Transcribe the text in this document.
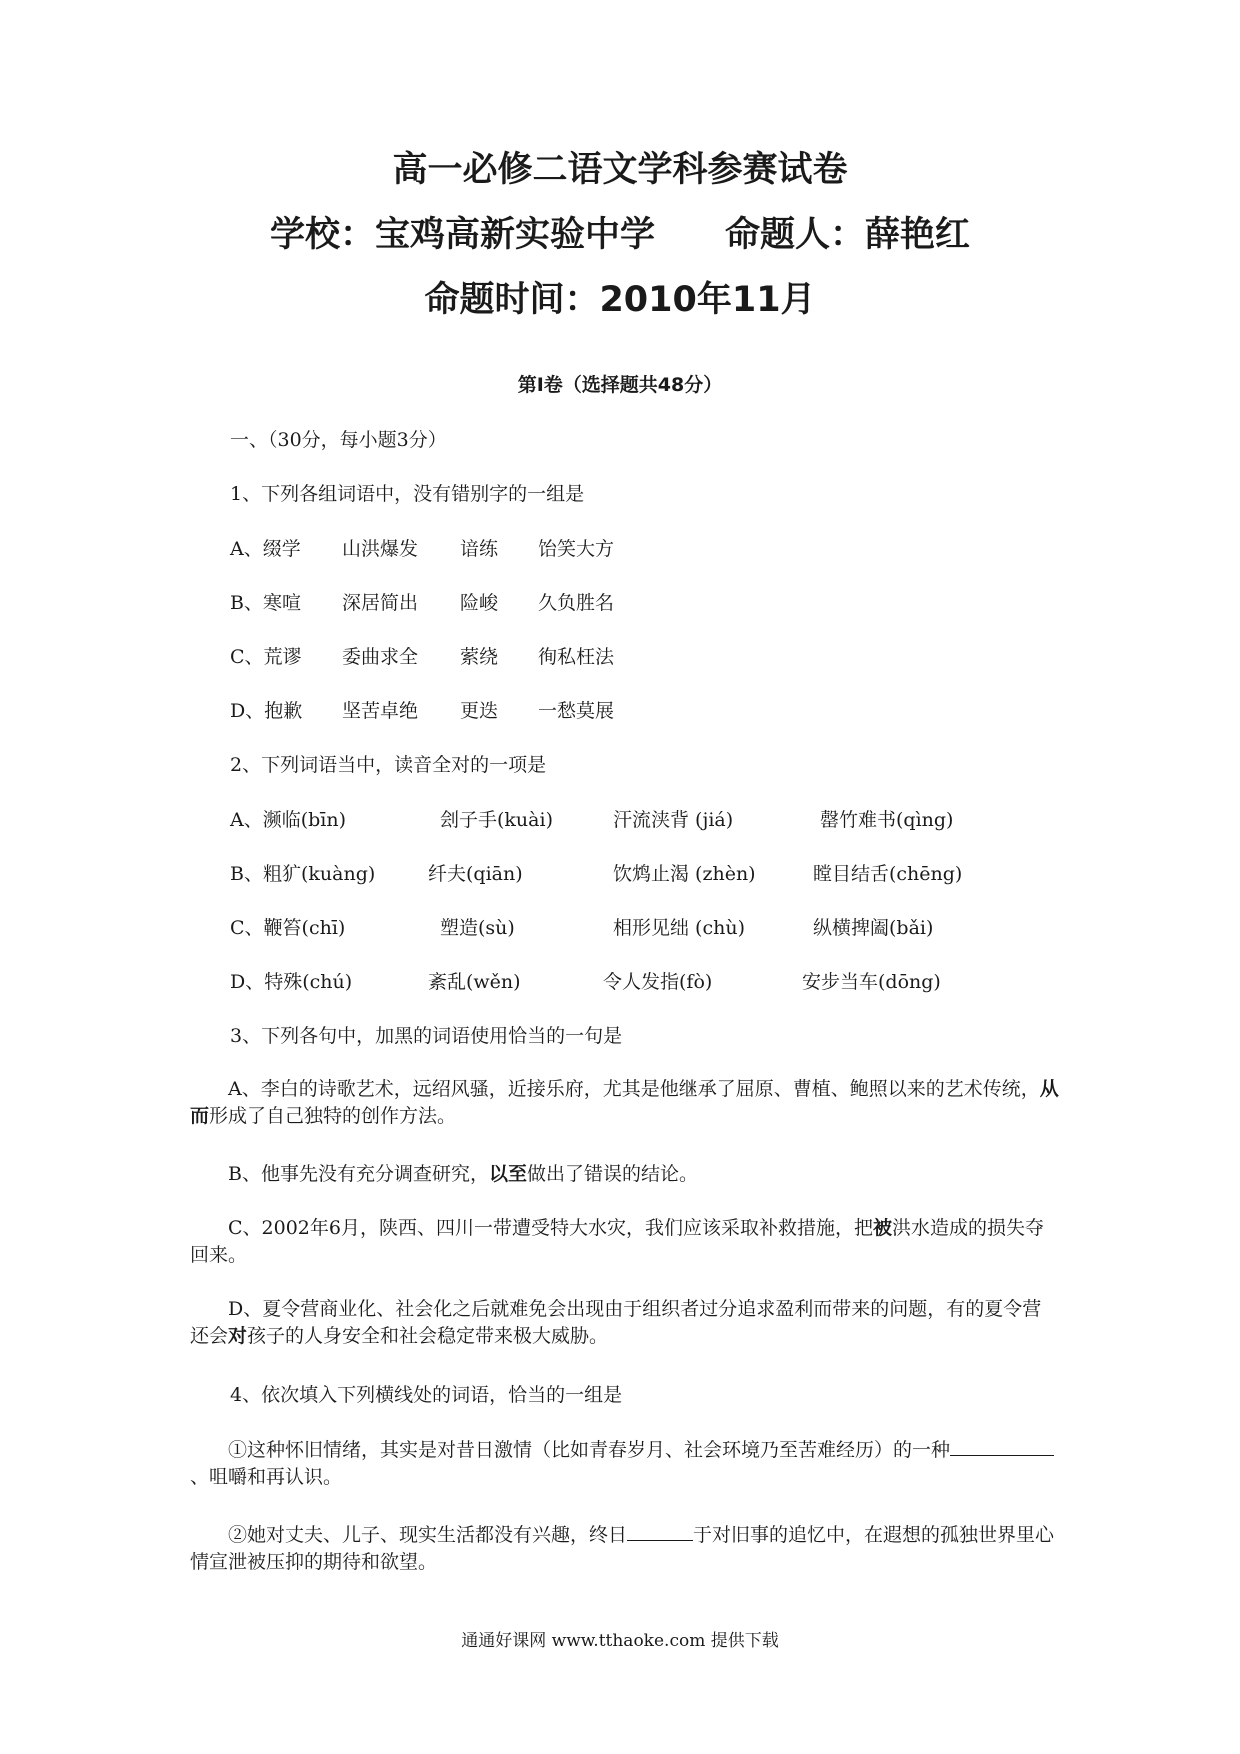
高一必修二语文学科参赛试卷
学校：宝鸡高新实验中学 命题人：薛艳红
命题时间：2010年11月
第I卷（选择题共48分）
一、（30分，每小题3分）
1、下列各组词语中，没有错别字的一组是
A、缀学 山洪爆发 谙练 饴笑大方
B、寒喧 深居简出 险峻 久负胜名
C、荒谬 委曲求全 萦绕 徇私枉法
D、抱歉 坚苦卓绝 更迭 一愁莫展
2、下列词语当中，读音全对的一项是
A、濒临(bīn)	刽子手(kuài)	汗流浃背 (jiá)	罄竹难书(qìng)
B、粗犷(kuàng)	纤夫(qiān)	饮鸩止渴 (zhèn)	瞠目结舌(chēng)
C、鞭笞(chī)	塑造(sù)	相形见绌 (chù)	纵横捭阖(bǎi)
D、特殊(chú)	紊乱(wěn)	令人发指(fò)	安步当车(dōng)
3、下列各句中，加黑的词语使用恰当的一句是
A、李白的诗歌艺术，远绍风骚，近接乐府，尤其是他继承了屈原、曹植、鲍照以来的艺术传统，从而形成了自己独特的创作方法。
B、他事先没有充分调查研究，以至做出了错误的结论。
C、2002年6月，陕西、四川一带遭受特大水灾，我们应该采取补救措施，把被洪水造成的损失夺回来。
D、夏令营商业化、社会化之后就难免会出现由于组织者过分追求盈利而带来的问题，有的夏令营还会对孩子的人身安全和社会稳定带来极大威胁。
4、依次填入下列横线处的词语，恰当的一组是
①这种怀旧情绪，其实是对昔日激情（比如青春岁月、社会环境乃至苦难经历）的一种、咀嚼和再认识。
②她对丈夫、儿子、现实生活都没有兴趣，终日	于对旧事的追忆中，在遐想的孤独世界里心情宣泄被压抑的期待和欲望。
通通好课网 www.tthaoke.com 提供下载
